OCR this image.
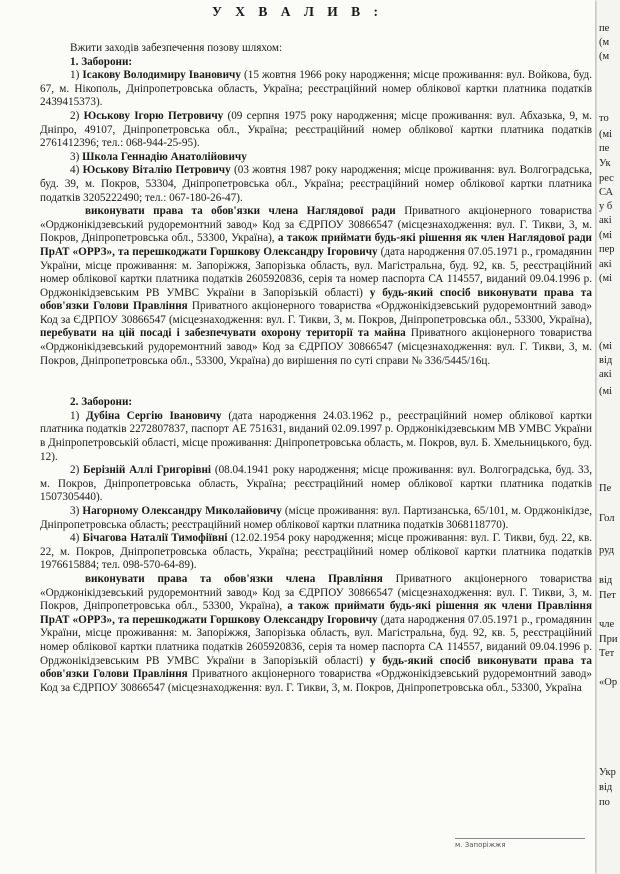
У Х В А Л И В :

Вжити заходів забезпечення позову шляхом:

1. Заборони:

1) Ісакову Володимиру Івановичу (15 жовтня 1966 року народження; місце проживання: вул. Войкова, буд. 67, м. Нікополь, Дніпропетровська область, Україна; реєстраційний номер облікової картки платника податків 2439415373).

2) Юськову Ігорю Петровичу (09 серпня 1975 року народження; місце проживання: вул. Абхазька, 9, м. Дніпро, 49107, Дніпропетровська обл., Україна; реєстраційний номер облікової картки платника податків 2761412396; тел.: 068-944-25-95).

3) Школа Геннадію Анатолійовичу

4) Юськову Віталію Петровичу (03 жовтня 1987 року народження; місце проживання: вул. Волгоградська, буд. 39, м. Покров, 53304, Дніпропетровська обл., Україна; реєстраційний номер облікової картки платника податків 3205222490; тел.: 067-180-26-47).

виконувати права та обов'язки члена Наглядової ради Приватного акціонерного товариства «Орджонікідзевський рудоремонтний завод» Код за ЄДРПОУ 30866547 (місцезнаходження: вул. Г. Тикви, 3, м. Покров, Дніпропетровська обл., 53300, Україна), а також приймати будь-які рішення як член Наглядової ради ПрАТ «ОРРЗ», та перешкоджати Горшкову Олександру Ігоровичу (дата народження 07.05.1971 р., громадянин України, місце проживання: м. Запоріжжя, Запорізька область, вул. Магістральна, буд. 92, кв. 5, реєстраційний номер облікової картки платника податків 2605920836, серія та номер паспорта СА 114557, виданий 09.04.1996 р. Орджонікідзевським РВ УМВС України в Запорізькій області) у будь-який спосіб виконувати права та обов'язки Голови Правління Приватного акціонерного товариства «Орджонікідзевський рудоремонтний завод» Код за ЄДРПОУ 30866547 (місцезнаходження: вул. Г. Тикви, 3, м. Покров, Дніпропетровська обл., 53300, Україна), перебувати на цій посаді і забезпечувати охорону території та майна Приватного акціонерного товариства «Орджонікідзевський рудоремонтний завод» Код за ЄДРПОУ 30866547 (місцезнаходження: вул. Г. Тикви, 3, м. Покров, Дніпропетровська обл., 53300, Україна) до вирішення по суті справи № 336/5445/16ц.

2. Заборони:

1) Дубіна Сергію Івановичу (дата народження 24.03.1962 р., реєстраційний номер облікової картки платника податків 2272807837, паспорт АЕ 751631, виданий 02.09.1997 р. Орджонікідзевським МВ УМВС України в Дніпропетровській області, місце проживання: Дніпропетровська область, м. Покров, вул. Б. Хмельницького, буд. 12).

2) Берізній Аллі Григорівні (08.04.1941 року народження; місце проживання: вул. Волгоградська, буд. 33, м. Покров, Дніпропетровська область, Україна; реєстраційний номер облікової картки платника податків 1507305440).

3) Нагорному Олександру Миколайовичу (місце проживання: вул. Партизанська, 65/101, м. Орджонікідзе, Дніпропетровська область; реєстраційний номер облікової картки платника податків 3068118770).

4) Бічагова Наталії Тимофіївні (12.02.1954 року народження; місце проживання: вул. Г. Тикви, буд. 22, кв. 22, м. Покров, Дніпропетровська область, Україна; реєстраційний номер облікової картки платника податків 1976615884; тел. 098-570-64-89).

виконувати права та обов'язки члена Правління Приватного акціонерного товариства «Орджонікідзевський рудоремонтний завод» Код за ЄДРПОУ 30866547 (місцезнаходження: вул. Г. Тикви, 3, м. Покров, Дніпропетровська обл., 53300, Україна), а також приймати будь-які рішення як члени Правління ПрАТ «ОРРЗ», та перешкоджати Горшкову Олександру Ігоровичу (дата народження 07.05.1971 р., громадянин України, місце проживання: м. Запоріжжя, Запорізька область, вул. Магістральна, буд. 92, кв. 5, реєстраційний номер облікової картки платника податків 2605920836, серія та номер паспорта СА 114557, виданий 09.04.1996 р. Орджонікідзевським РВ УМВС України в Запорізькій області) у будь-який спосіб виконувати права та обов'язки Голови Правління Приватного акціонерного товариства «Орджонікідзевський рудоремонтний завод» Код за ЄДРПОУ 30866547 (місцезнаходження: вул. Г. Тикви, 3, м. Покров, Дніпропетровська обл., 53300, Україна

м. Запоріжжя
пе
(м
(м
то
(мі
пе
Ук
рес
СА
у б
акі
(мі
пер
акі
(мі
(мі
від
акі
(мі
Пе
Гол
руд
від
Пет
чле
При
Тет
«Ор
Укр
від
по
